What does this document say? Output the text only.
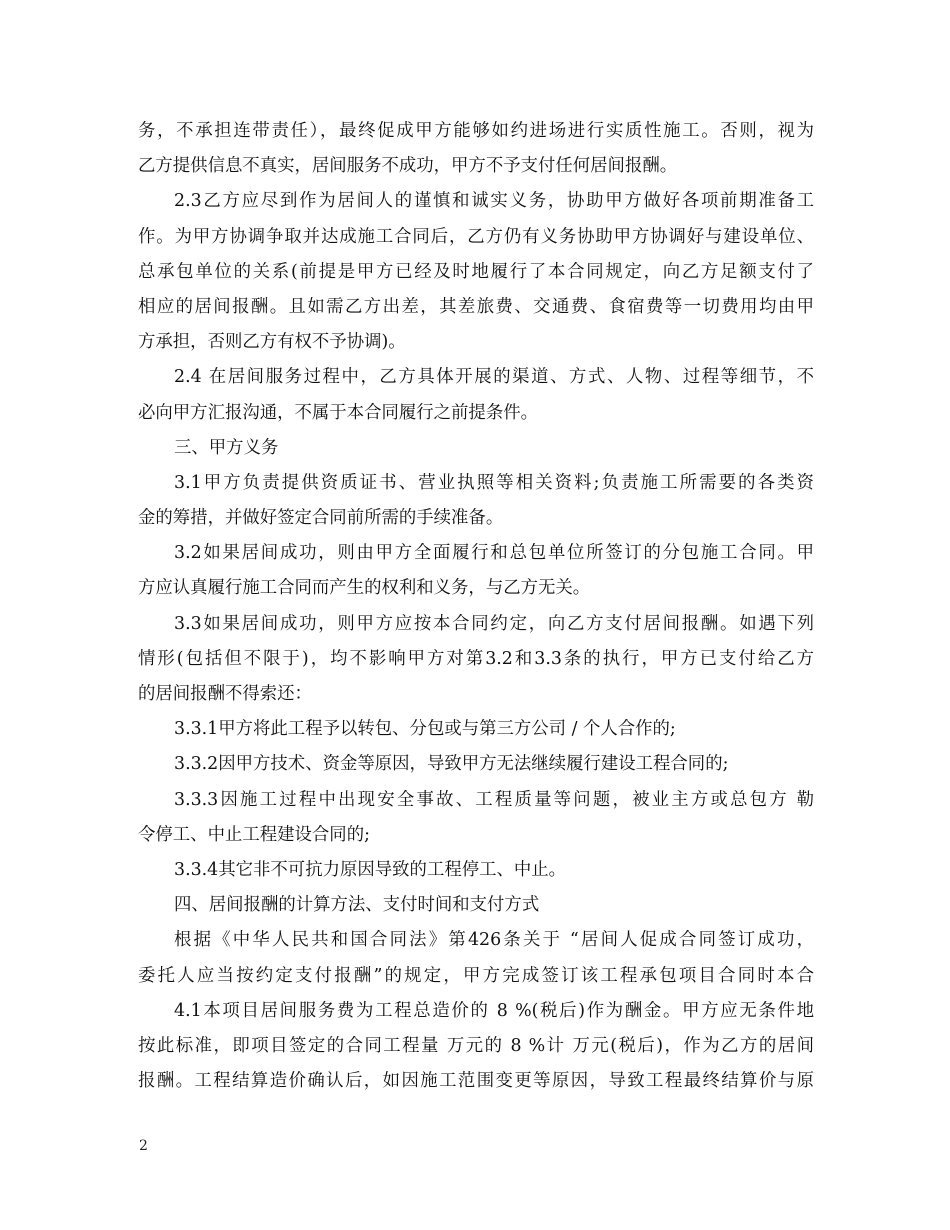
务，不承担连带责任），最终促成甲方能够如约进场进行实质性施工。否则，视为
乙方提供信息不真实，居间服务不成功，甲方不予支付任何居间报酬。
2.3乙方应尽到作为居间人的谨慎和诚实义务，协助甲方做好各项前期准备工
作。为甲方协调争取并达成施工合同后，乙方仍有义务协助甲方协调好与建设单位、
总承包单位的关系(前提是甲方已经及时地履行了本合同规定，向乙方足额支付了
相应的居间报酬。且如需乙方出差，其差旅费、交通费、食宿费等一切费用均由甲
方承担，否则乙方有权不予协调)。
2.4 在居间服务过程中，乙方具体开展的渠道、方式、人物、过程等细节，不
必向甲方汇报沟通，不属于本合同履行之前提条件。
三、甲方义务
3.1甲方负责提供资质证书、营业执照等相关资料;负责施工所需要的各类资
金的筹措，并做好签定合同前所需的手续准备。
3.2如果居间成功，则由甲方全面履行和总包单位所签订的分包施工合同。甲
方应认真履行施工合同而产生的权利和义务，与乙方无关。
3.3如果居间成功，则甲方应按本合同约定，向乙方支付居间报酬。如遇下列
情形(包括但不限于)，均不影响甲方对第3.2和3.3条的执行，甲方已支付给乙方
的居间报酬不得索还：
3.3.1甲方将此工程予以转包、分包或与第三方公司 / 个人合作的;
3.3.2因甲方技术、资金等原因，导致甲方无法继续履行建设工程合同的;
3.3.3因施工过程中出现安全事故、工程质量等问题，被业主方或总包方 勒
令停工、中止工程建设合同的;
3.3.4其它非不可抗力原因导致的工程停工、中止。
四、居间报酬的计算方法、支付时间和支付方式
根据《中华人民共和国合同法》第426条关于 “居间人促成合同签订成功，
委托人应当按约定支付报酬”的规定，甲方完成签订该工程承包项目合同时本合
4.1本项目居间服务费为工程总造价的 8 %(税后)作为酬金。甲方应无条件地
按此标准，即项目签定的合同工程量 万元的 8 %计 万元(税后)，作为乙方的居间
报酬。工程结算造价确认后，如因施工范围变更等原因，导致工程最终结算价与原
2
